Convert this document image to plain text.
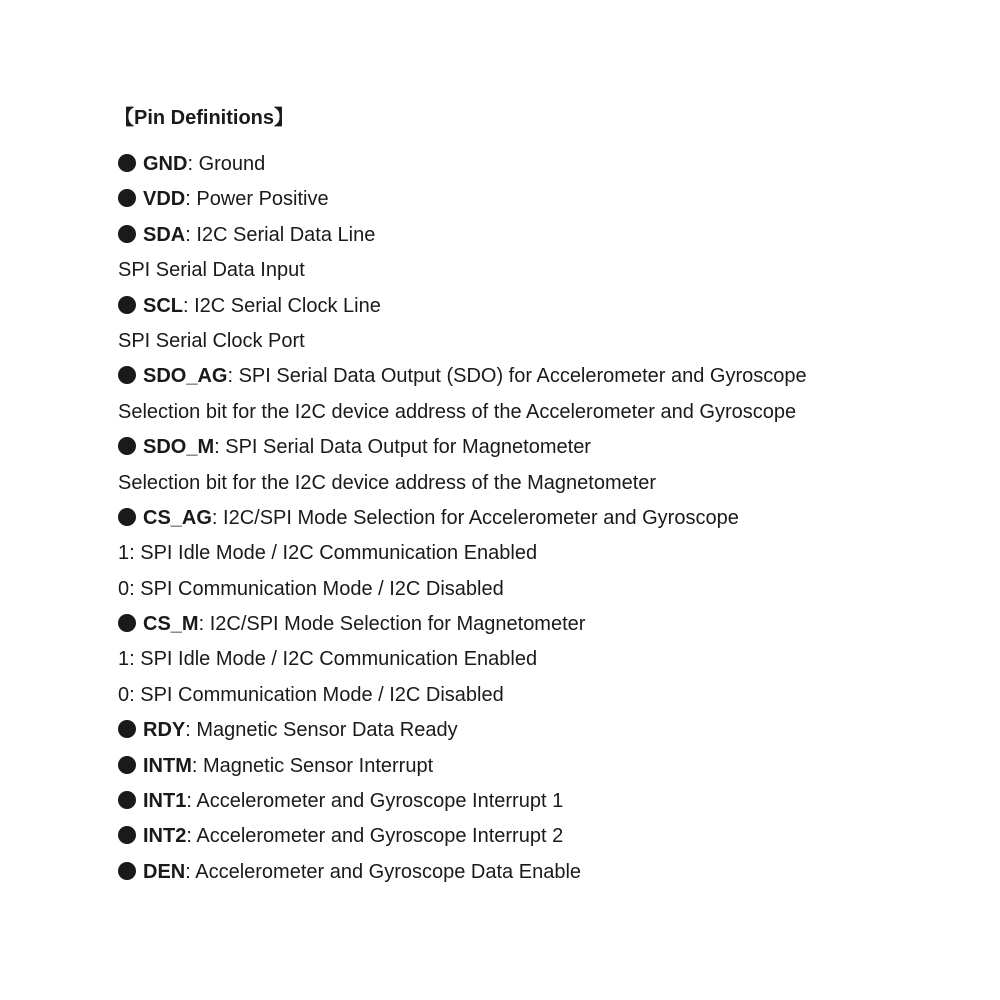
【Pin Definitions】
GND: Ground
VDD: Power Positive
SDA: I2C Serial Data Line
SPI Serial Data Input
SCL: I2C Serial Clock Line
SPI Serial Clock Port
SDO_AG: SPI Serial Data Output (SDO) for Accelerometer and Gyroscope
Selection bit for the I2C device address of the Accelerometer and Gyroscope
SDO_M: SPI Serial Data Output for Magnetometer
Selection bit for the I2C device address of the Magnetometer
CS_AG: I2C/SPI Mode Selection for Accelerometer and Gyroscope
1: SPI Idle Mode / I2C Communication Enabled
0: SPI Communication Mode / I2C Disabled
CS_M: I2C/SPI Mode Selection for Magnetometer
1: SPI Idle Mode / I2C Communication Enabled
0: SPI Communication Mode / I2C Disabled
RDY: Magnetic Sensor Data Ready
INTM: Magnetic Sensor Interrupt
INT1: Accelerometer and Gyroscope Interrupt 1
INT2: Accelerometer and Gyroscope Interrupt 2
DEN: Accelerometer and Gyroscope Data Enable
